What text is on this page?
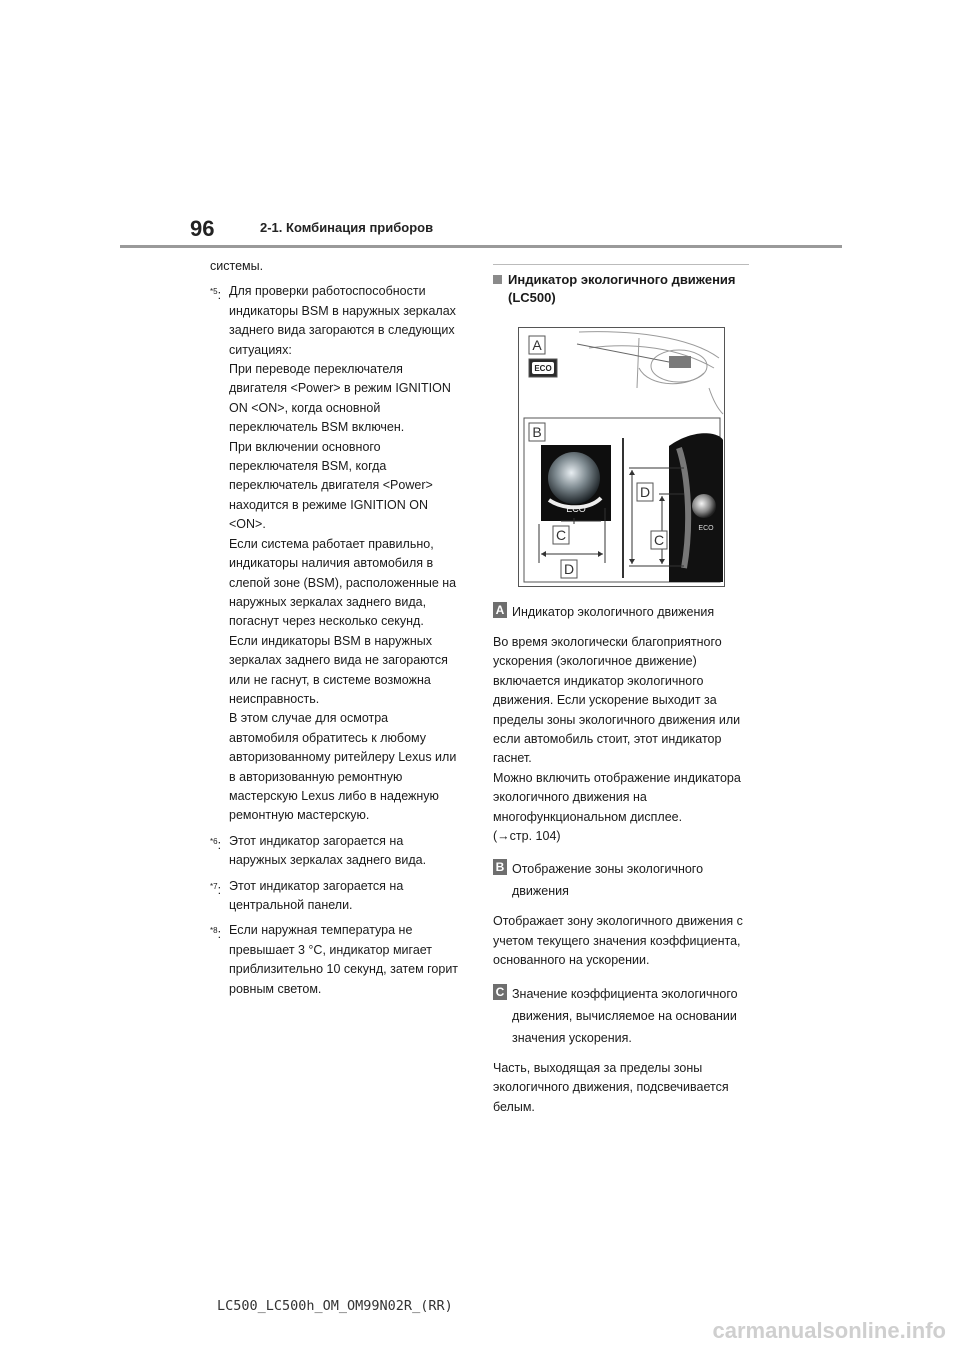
96	2-1. Комбинация приборов

системы.

$^{*5}$: Для проверки работоспособности
индикаторы BSM в наружных зеркалах
заднего вида загораются в следующих
ситуациях:
При переводе переключателя
двигателя <Power> в режим IGNITION
ON <ON>, когда основной
переключатель BSM включен.
При включении основного
переключателя BSM, когда
переключатель двигателя <Power>
находится в режиме IGNITION ON
<ON>.
Если система работает правильно,
индикаторы наличия автомобиля в
слепой зоне (BSM), расположенные на
наружных зеркалах заднего вида,
погаснут через несколько секунд.
Если индикаторы BSM в наружных
зеркалах заднего вида не загораются
или не гаснут, в системе возможна
неисправность.
В этом случае для осмотра
автомобиля обратитесь к любому
авторизованному ритейлеру Lexus или
в авторизованную ремонтную
мастерскую Lexus либо в надежную
ремонтную мастерскую.

$^{*6}$: Этот индикатор загорается на
наружных зеркалах заднего вида.

$^{*7}$: Этот индикатор загорается на
центральной панели.

$^{*8}$: Если наружная температура не
превышает 3 °C, индикатор мигает
приблизительно 10 секунд, затем горит
ровным светом.

Индикатор экологичного движения
(LC500)
A
ECO
B
ECO
C
D
ECO
D
C
A Индикатор экологичного движения

Во время экологически благоприятного
ускорения (экологичное движение)
включается индикатор экологичного
движения. Если ускорение выходит за
пределы зоны экологичного движения или
если автомобиль стоит, этот индикатор
гаснет.
Можно включить отображение индикатора
экологичного движения на
многофункциональном дисплее.
(→стр. 104)

B Отображение зоны экологичного
движения

Отображает зону экологичного движения с
учетом текущего значения коэффициента,
основанного на ускорении.

C Значение коэффициента экологичного
движения, вычисляемое на основании
значения ускорения.

Часть, выходящая за пределы зоны
экологичного движения, подсвечивается
белым.

LC500_LC500h_OM_OM99N02R_(RR)
carmanualsonline.info
